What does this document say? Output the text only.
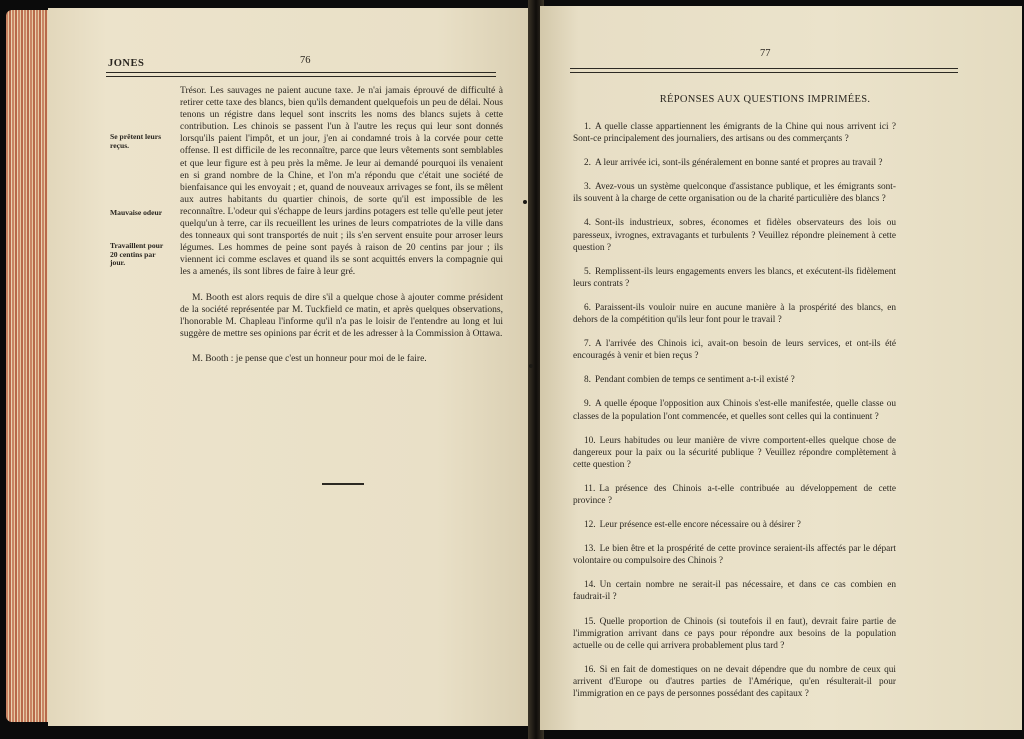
JONES	76
Se prêtent leurs reçus.
Mauvaise odeur
Travaillent pour 20 centins par jour.

Trésor. Les sauvages ne paient aucune taxe. Je n'ai jamais éprouvé de difficulté à retirer cette taxe des blancs, bien qu'ils demandent quelquefois un peu de délai. Nous tenons un régistre dans lequel sont inscrits les noms des blancs sujets à cette contribution. Les chinois se passent l'un à l'autre les reçus qui leur sont donnés lorsqu'ils paient l'impôt, et un jour, j'en ai condamné trois à la corvée pour cette offense. Il est difficile de les reconnaître, parce que leurs vêtements sont semblables et que leur figure est à peu près la même. Je leur ai demandé pourquoi ils venaient en si grand nombre de la Chine, et l'on m'a répondu que c'était une société de bienfaisance qui les envoyait ; et, quand de nouveaux arrivages se font, ils se mêlent aux autres habitants du quartier chinois, de sorte qu'il est impossible de les reconnaître. L'odeur qui s'échappe de leurs jardins potagers est telle qu'elle peut jeter quelqu'un à terre, car ils recueillent les urines de leurs compatriotes de la ville dans des tonneaux qui sont transportés de nuit ; ils s'en servent ensuite pour arroser leurs légumes. Les hommes de peine sont payés à raison de 20 centins par jour ; ils viennent ici comme esclaves et quand ils se sont acquittés envers la compagnie qui les a amenés, ils sont libres de faire à leur gré.

M. Booth est alors requis de dire s'il a quelque chose à ajouter comme président de la société représentée par M. Tuckfield ce matin, et après quelques observations, l'honorable M. Chapleau l'informe qu'il n'a pas le loisir de l'entendre au long et lui suggère de mettre ses opinions par écrit et de les adresser à la Commission à Ottawa.

M. Booth : je pense que c'est un honneur pour moi de le faire.

77
RÉPONSES AUX QUESTIONS IMPRIMÉES.

1. A quelle classe appartiennent les émigrants de la Chine qui nous arrivent ici ? Sont-ce principalement des journaliers, des artisans ou des commerçants ?

2. A leur arrivée ici, sont-ils généralement en bonne santé et propres au travail ?

3. Avez-vous un système quelconque d'assistance publique, et les émigrants sont-ils souvent à la charge de cette organisation ou de la charité particulière des blancs ?

4. Sont-ils industrieux, sobres, économes et fidèles observateurs des lois ou paresseux, ivrognes, extravagants et turbulents ? Veuillez répondre pleinement à cette question ?

5. Remplissent-ils leurs engagements envers les blancs, et exécutent-ils fidèlement leurs contrats ?

6. Paraissent-ils vouloir nuire en aucune manière à la prospérité des blancs, en dehors de la compétition qu'ils leur font pour le travail ?

7. A l'arrivée des Chinois ici, avait-on besoin de leurs services, et ont-ils été encouragés à venir et bien reçus ?

8. Pendant combien de temps ce sentiment a-t-il existé ?

9. A quelle époque l'opposition aux Chinois s'est-elle manifestée, quelle classe ou classes de la population l'ont commencée, et quelles sont celles qui la continuent ?

10. Leurs habitudes ou leur manière de vivre comportent-elles quelque chose de dangereux pour la paix ou la sécurité publique ? Veuillez répondre complètement à cette question ?

11. La présence des Chinois a-t-elle contribuée au développement de cette province ?

12. Leur présence est-elle encore nécessaire ou à désirer ?

13. Le bien être et la prospérité de cette province seraient-ils affectés par le départ volontaire ou compulsoire des Chinois ?

14. Un certain nombre ne serait-il pas nécessaire, et dans ce cas combien en faudrait-il ?

15. Quelle proportion de Chinois (si toutefois il en faut), devrait faire partie de l'immigration arrivant dans ce pays pour répondre aux besoins de la population actuelle ou de celle qui arrivera probablement plus tard ?

16. Si en fait de domestiques on ne devait dépendre que du nombre de ceux qui arrivent d'Europe ou d'autres parties de l'Amérique, qu'en résulterait-il pour l'immigration en ce pays de personnes possédant des capitaux ?
